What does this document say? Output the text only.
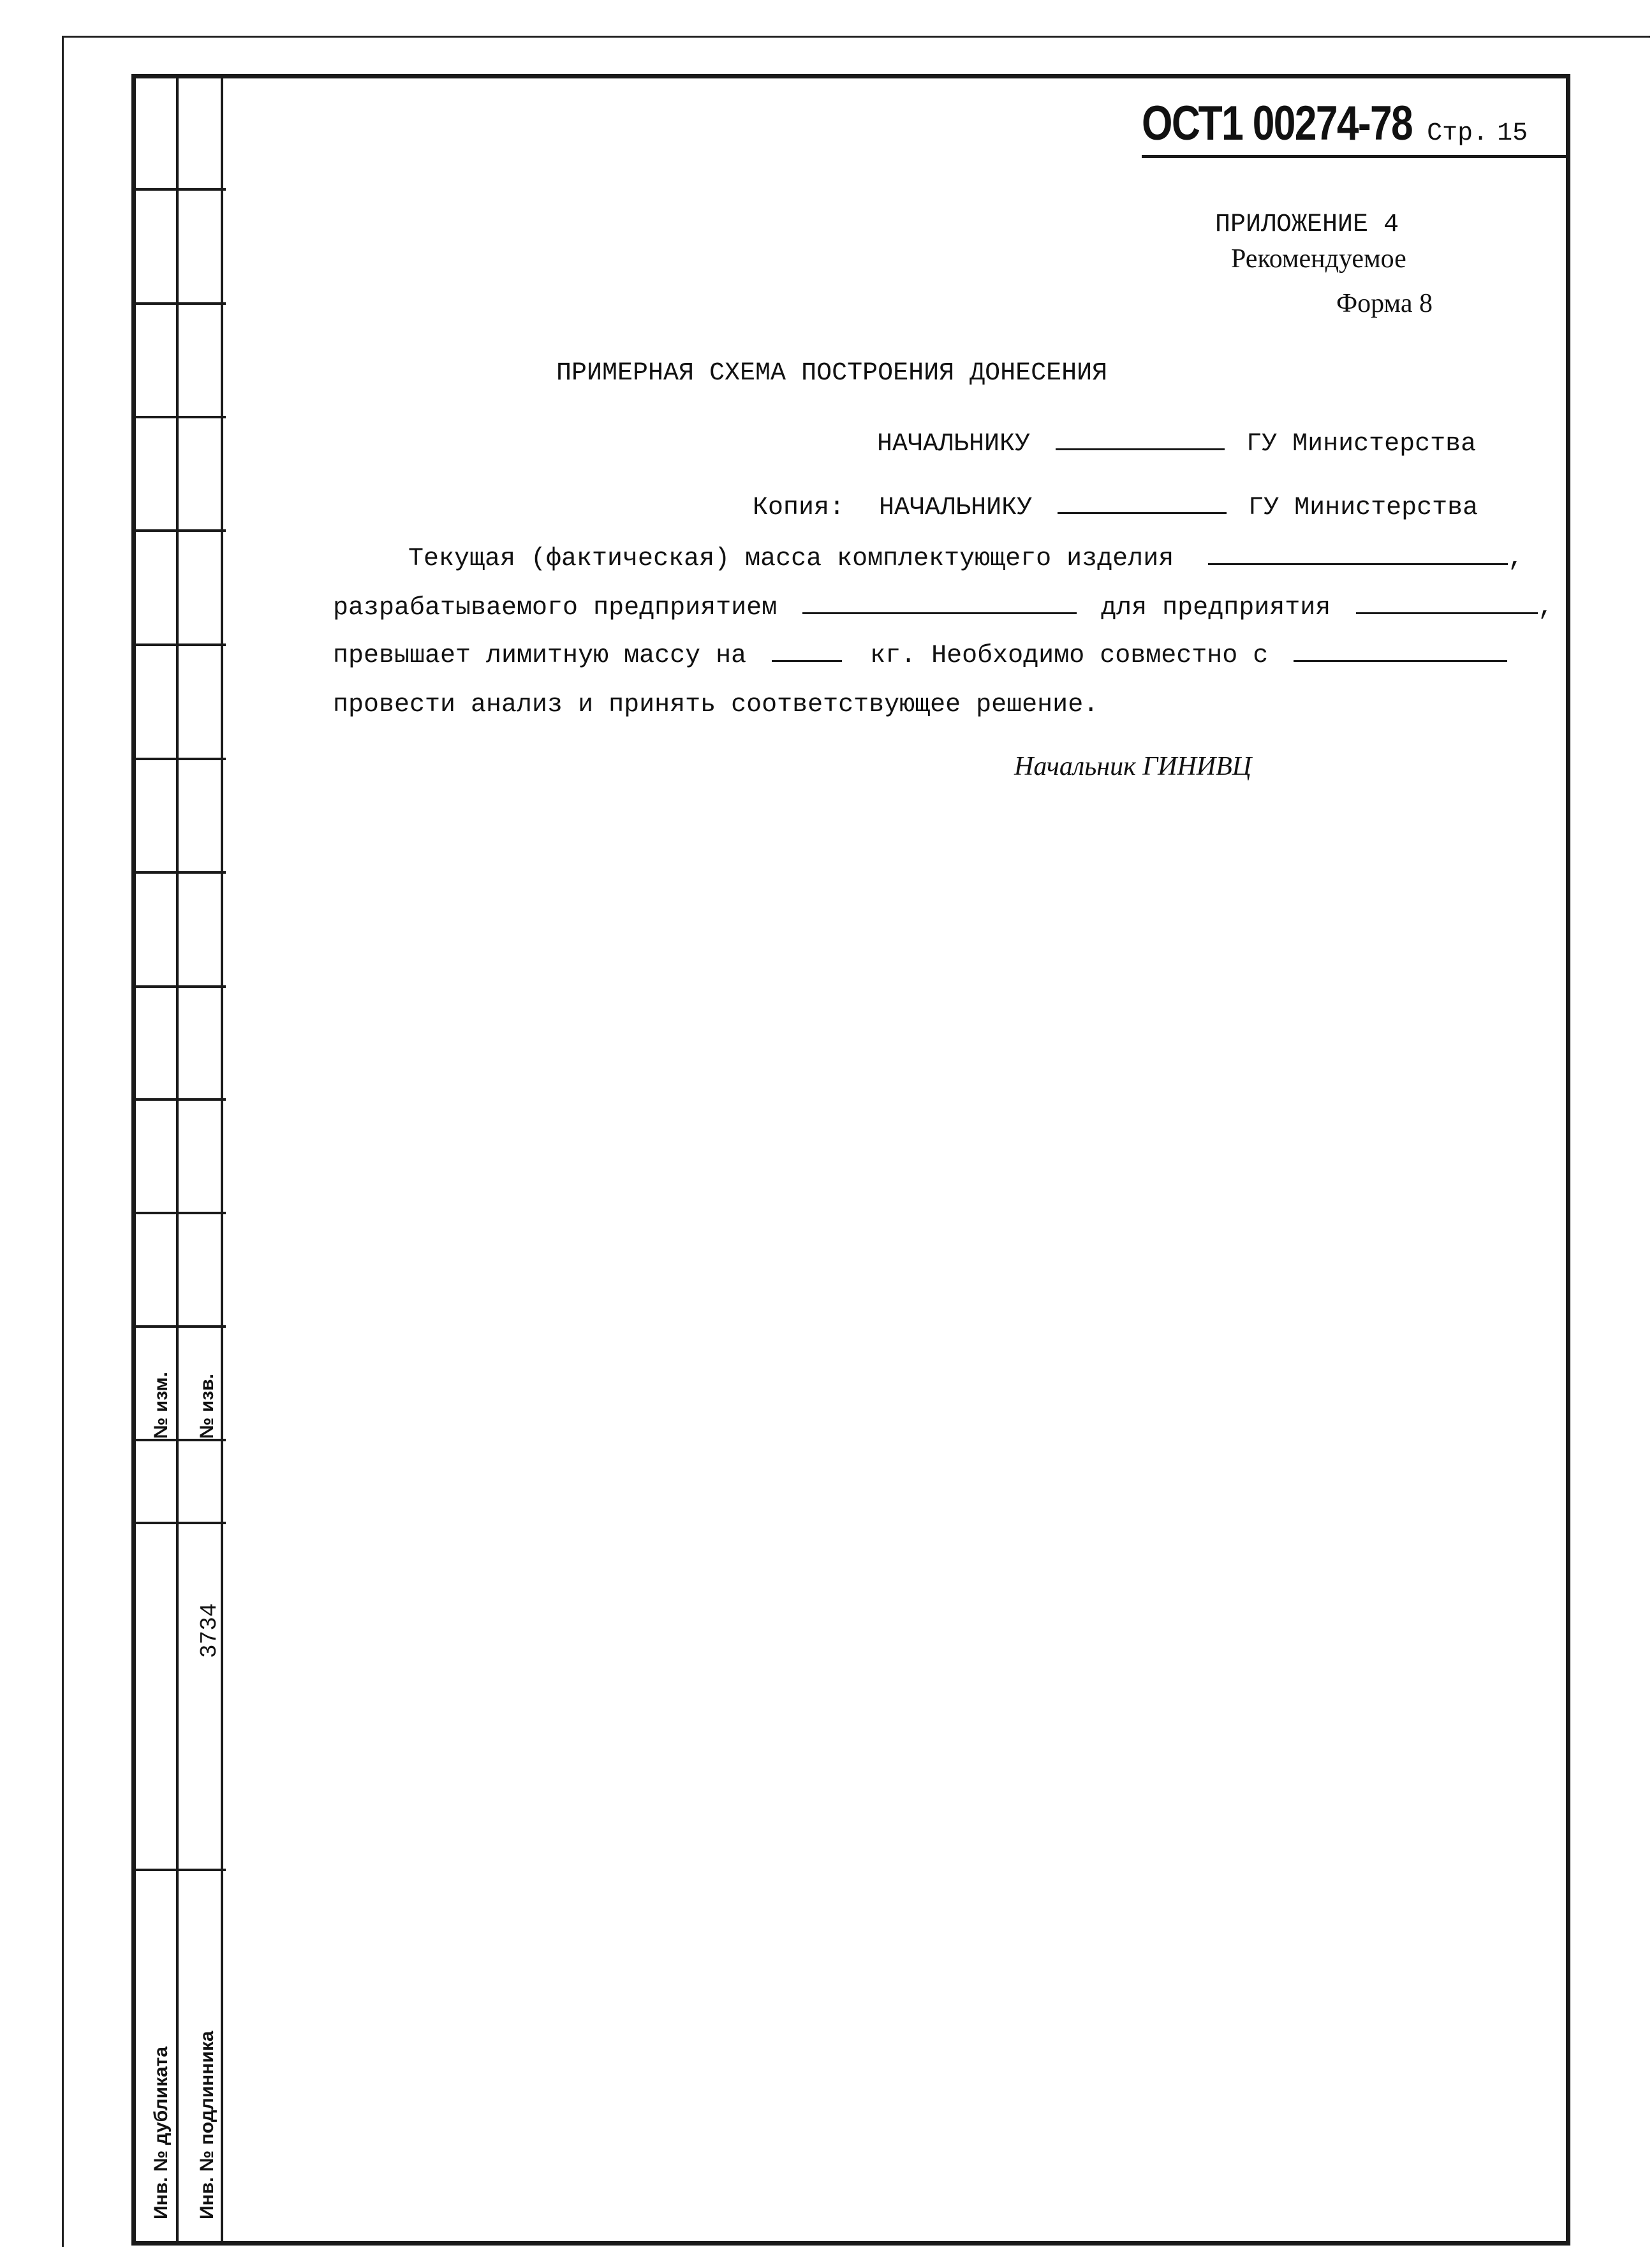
№ изм. № изв.
3734
Инв. № дубликата Инв. № подлинника
ОСТ1 00274-78 Стр. 15
ПРИЛОЖЕНИЕ 4
Рекомендуемое
Форма 8
ПРИМЕРНАЯ СХЕМА ПОСТРОЕНИЯ ДОНЕСЕНИЯ
НАЧАЛЬНИКУ	ГУ Министерства
Копия: НАЧАЛЬНИКУ	ГУ Министерства
Текущая (фактическая) масса комплектующего изделия	,
разрабатываемого предприятием	для предприятия	,
превышает лимитную массу на	кг. Необходимо совместно с
провести анализ и принять соответствующее решение.
Начальник ГИНИВЦ
